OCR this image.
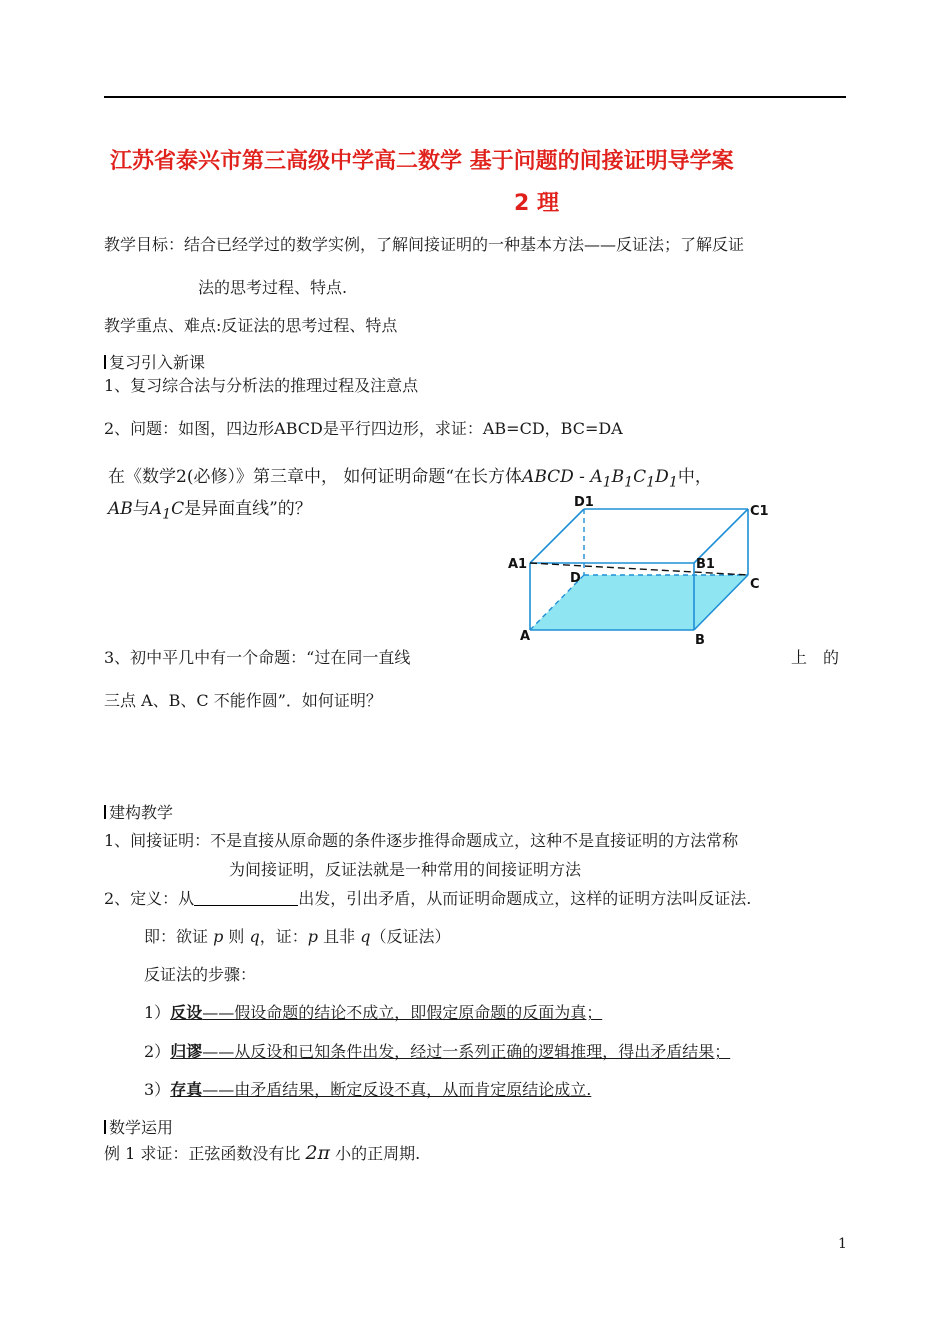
江苏省泰兴市第三高级中学高二数学 基于问题的间接证明导学案
2 理
教学目标：结合已经学过的数学实例，了解间接证明的一种基本方法——反证法；了解反证
法的思考过程、特点.
教学重点、难点:反证法的思考过程、特点
复习引入新课
1、复习综合法与分析法的推理过程及注意点
2、问题：如图，四边形ABCD是平行四边形，求证：AB=CD，BC=DA
在《数学2(必修）》第三章中， 如何证明命题“在长方体ABCD - $A_1B_1C_1D_1$中，
AB与$A_1C$是异面直线”的？	D1
C1
A1	B1
D	C
A	B
3、初中平几中有一个命题：“过在同一直线	上　的
三点 A、B、C 不能作圆”．如何证明？
建构教学
1、间接证明：不是直接从原命题的条件逐步推得命题成立，这种不是直接证明的方法常称
为间接证明，反证法就是一种常用的间接证明方法
2、定义：从	出发，引出矛盾，从而证明命题成立，这样的证明方法叫反证法.
即：欲证 p 则 q，证：p 且非 q（反证法）
反证法的步骤：
1）反设——假设命题的结论不成立，即假定原命题的反面为真；
2）归谬——从反设和已知条件出发，经过一系列正确的逻辑推理，得出矛盾结果；
3）存真——由矛盾结果，断定反设不真，从而肯定原结论成立.
数学运用
例 1 求证：正弦函数没有比 2π 小的正周期.
1
